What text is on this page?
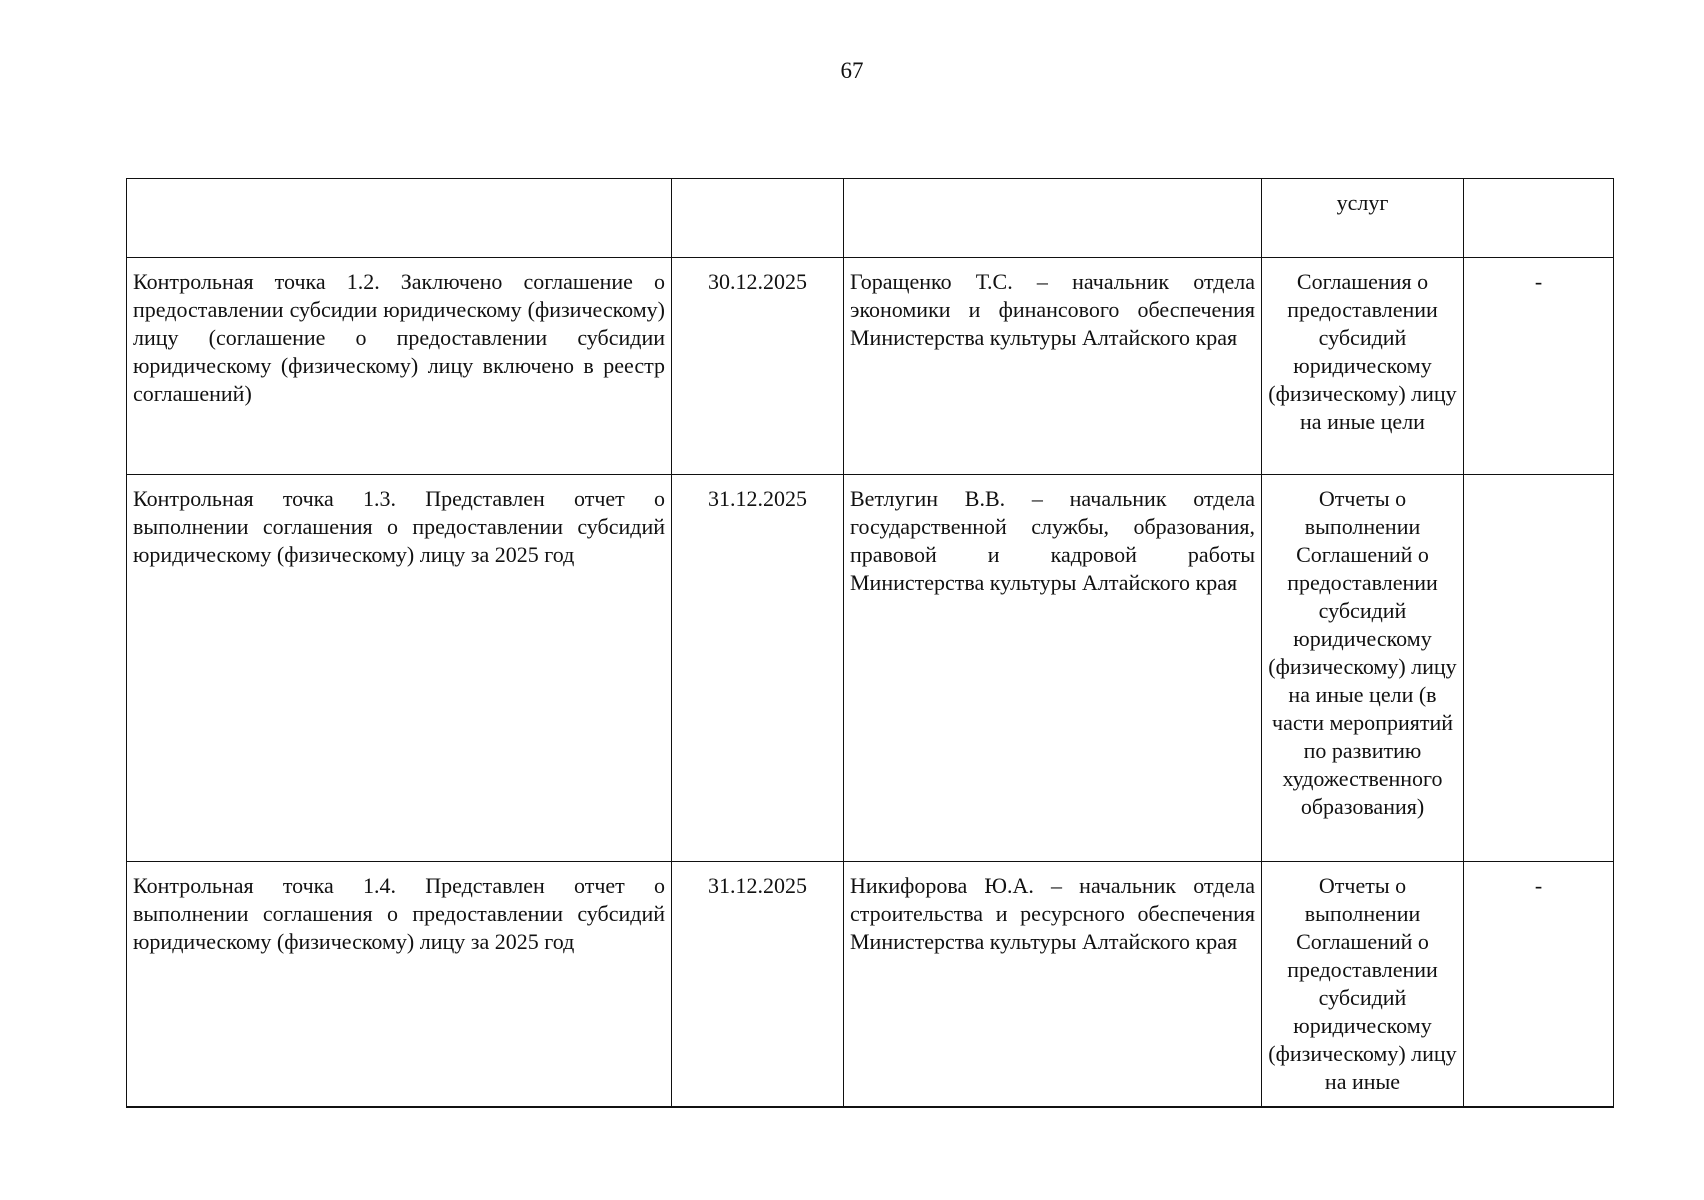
67
			услуг	
Контрольная точка 1.2. Заключено соглашение о предоставлении субсидии юридическому (физическому) лицу (соглашение о предоставлении субсидии юридическому (физическому) лицу включено в реестр соглашений)	30.12.2025	Горащенко Т.С. – начальник отдела экономики и финансового обеспечения Министерства культуры Алтайского края	Соглашения о предоставлении субсидий юридическому (физическому) лицу на иные цели	-
Контрольная точка 1.3. Представлен отчет о выполнении соглашения о предоставлении субсидий юридическому (физическому) лицу за 2025 год	31.12.2025	Ветлугин В.В. – начальник отдела государственной службы, образования, правовой и кадровой работы Министерства культуры Алтайского края	Отчеты о выполнении Соглашений о предоставлении субсидий юридическому (физическому) лицу на иные цели (в части мероприятий по развитию художественного образования)	
Контрольная точка 1.4. Представлен отчет о выполнении соглашения о предоставлении субсидий юридическому (физическому) лицу за 2025 год	31.12.2025	Никифорова Ю.А. – начальник отдела строительства и ресурсного обеспечения Министерства культуры Алтайского края	Отчеты о выполнении Соглашений о предоставлении субсидий юридическому (физическому) лицу на иные	-
